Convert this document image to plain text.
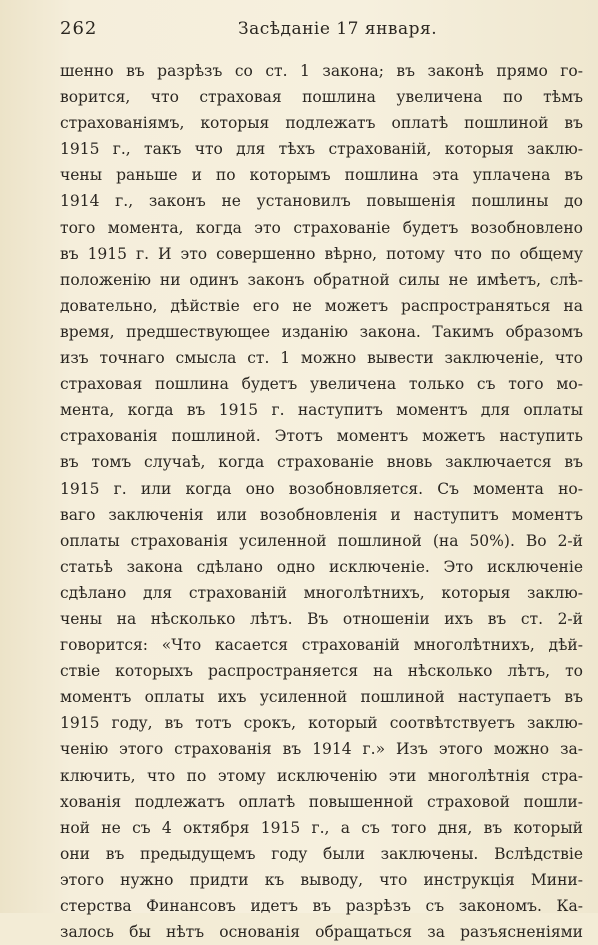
262	Засѣданіе 17 января.
шенно въ разрѣзъ со ст. 1 закона; въ законѣ прямо го-
ворится, что страховая пошлина увеличена по тѣмъ
страхованіямъ, которыя подлежатъ оплатѣ пошлиной въ
1915 г., такъ что для тѣхъ страхованій, которыя заклю-
чены раньше и по которымъ пошлина эта уплачена въ
1914 г., законъ не установилъ повышенія пошлины до
того момента, когда это страхованіе будетъ возобновлено
въ 1915 г. И это совершенно вѣрно, потому что по общему
положенію ни одинъ законъ обратной силы не имѣетъ, слѣ-
довательно, дѣйствіе его не можетъ распространяться на
время, предшествующее изданію закона. Такимъ образомъ
изъ точнаго смысла ст. 1 можно вывести заключеніе, что
страховая пошлина будетъ увеличена только съ того мо-
мента, когда въ 1915 г. наступитъ моментъ для оплаты
страхованія пошлиной. Этотъ моментъ можетъ наступить
въ томъ случаѣ, когда страхованіе вновь заключается въ
1915 г. или когда оно возобновляется. Съ момента но-
ваго заключенія или возобновленія и наступитъ моментъ
оплаты страхованія усиленной пошлиной (на 50%). Во 2-й
статьѣ закона сдѣлано одно исключеніе. Это исключеніе
сдѣлано для страхованій многолѣтнихъ, которыя заклю-
чены на нѣсколько лѣтъ. Въ отношеніи ихъ въ ст. 2-й
говорится: «Что касается страхованій многолѣтнихъ, дѣй-
ствіе которыхъ распространяется на нѣсколько лѣтъ, то
моментъ оплаты ихъ усиленной пошлиной наступаетъ въ
1915 году, въ тотъ срокъ, который соотвѣтствуетъ заклю-
ченію этого страхованія въ 1914 г.» Изъ этого можно за-
ключить, что по этому исключенію эти многолѣтнія стра-
хованія подлежатъ оплатѣ повышенной страховой пошли-
ной не съ 4 октября 1915 г., а съ того дня, въ который
они въ предыдущемъ году были заключены. Вслѣдствіе
этого нужно придти къ выводу, что инструкція Мини-
стерства Финансовъ идетъ въ разрѣзъ съ закономъ. Ка-
залось бы нѣтъ основанія обращаться за разъясненіями
